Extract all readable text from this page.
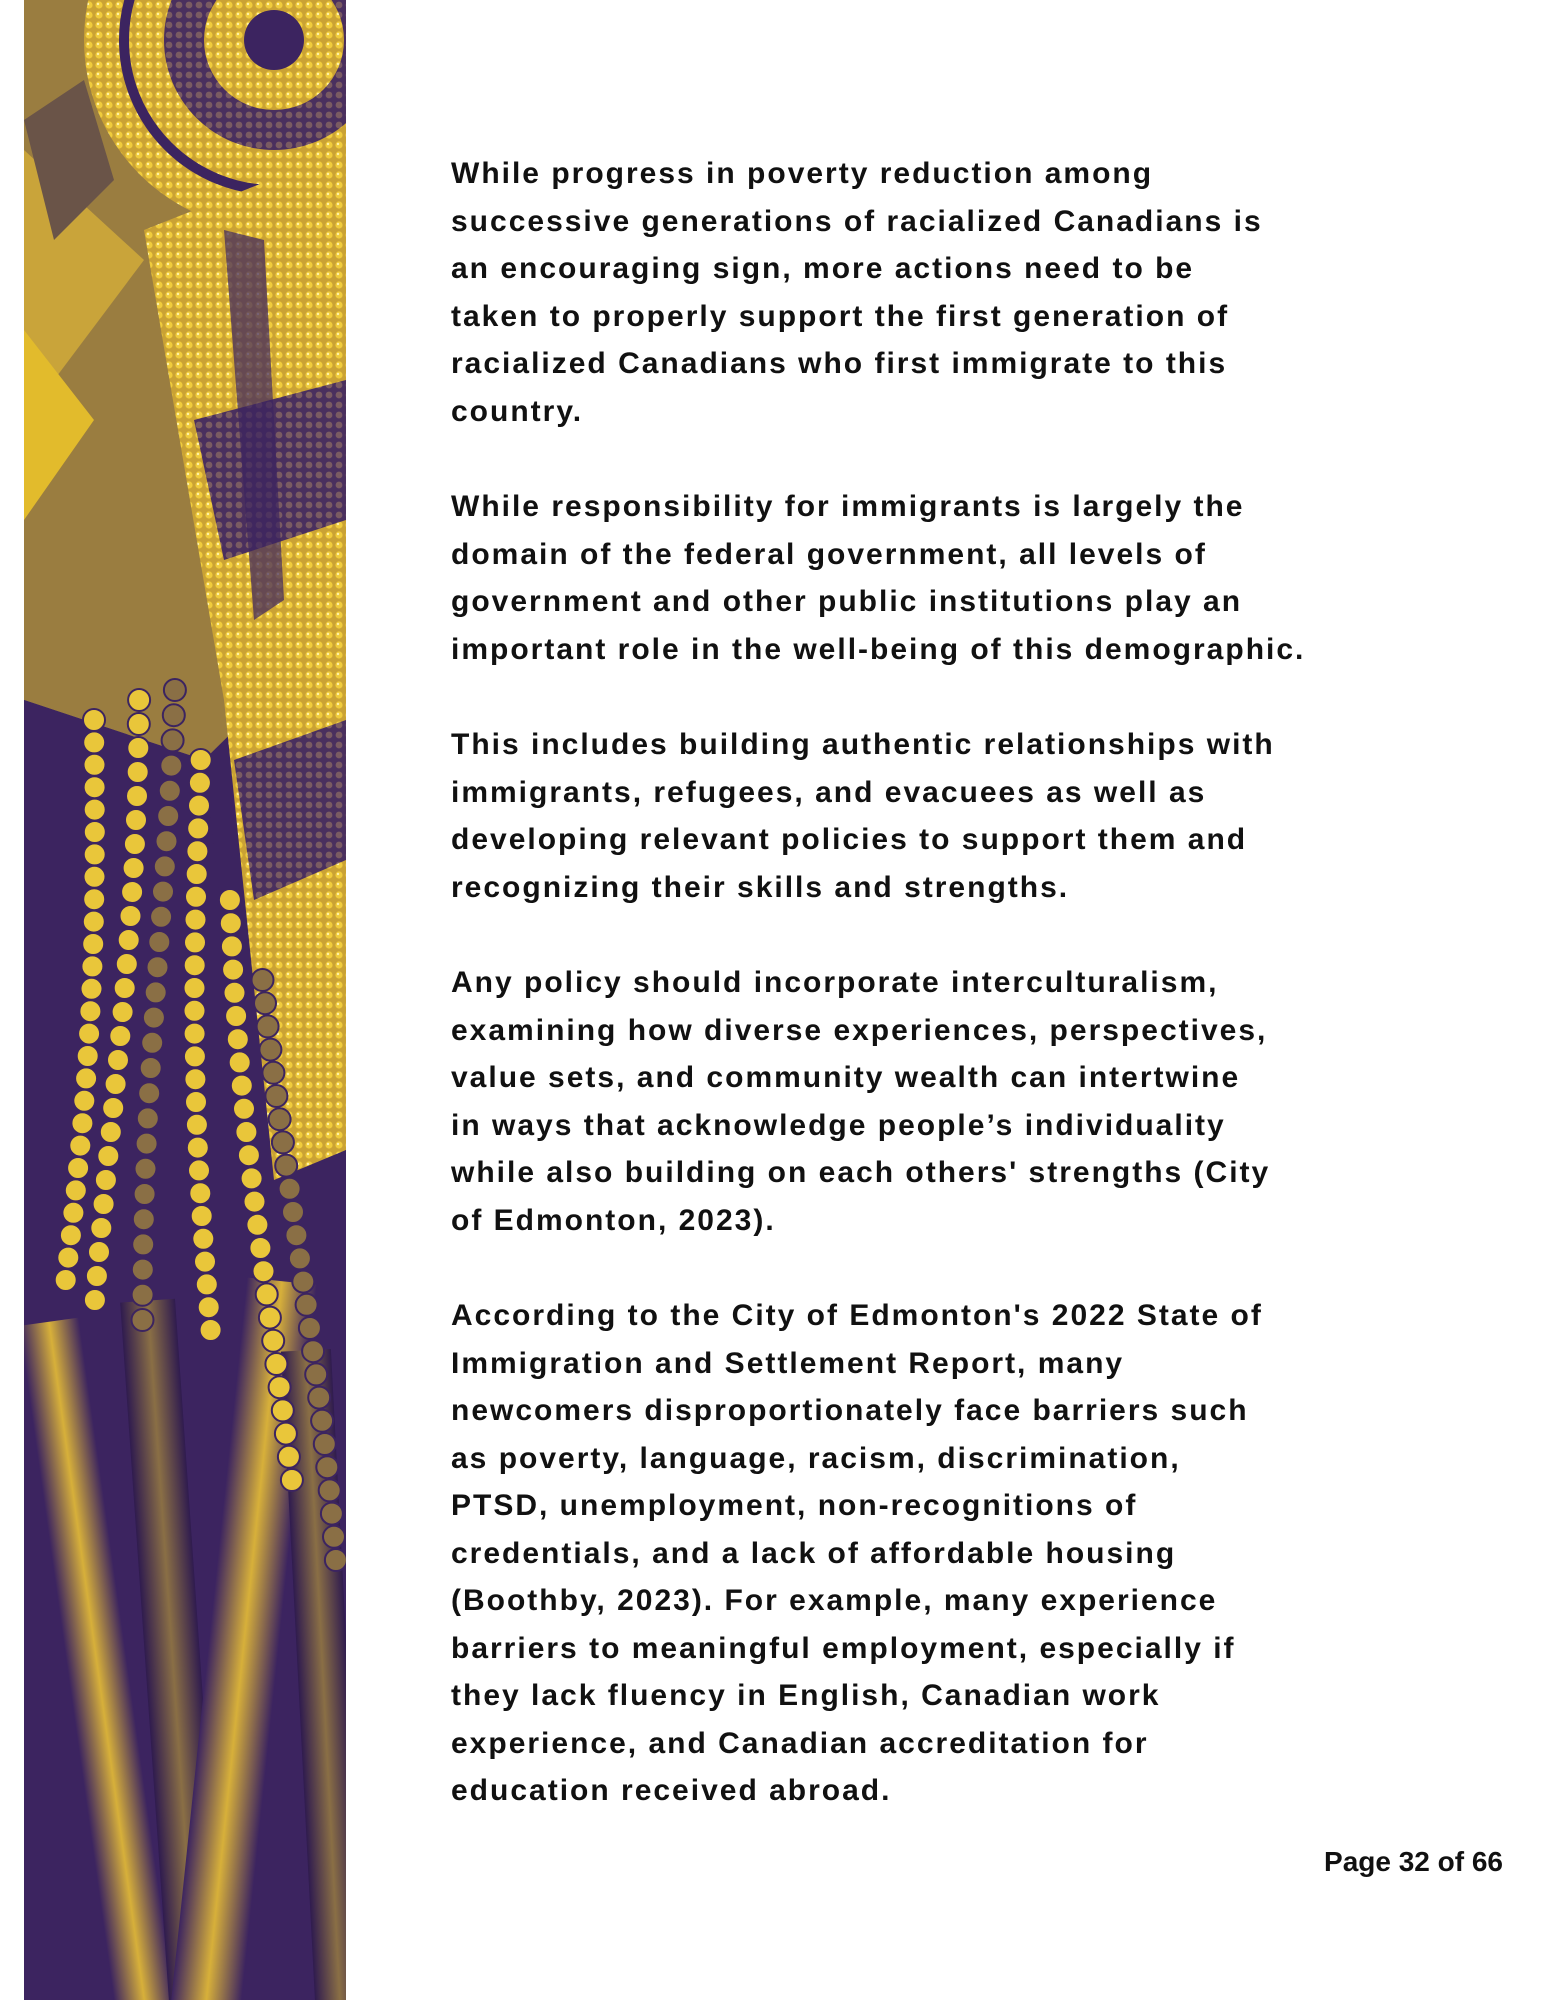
While progress in poverty reduction among
successive generations of racialized Canadians is
an encouraging sign, more actions need to be
taken to properly support the first generation of
racialized Canadians who first immigrate to this
country.

While responsibility for immigrants is largely the
domain of the federal government, all levels of
government and other public institutions play an
important role in the well-being of this demographic.

This includes building authentic relationships with
immigrants, refugees, and evacuees as well as
developing relevant policies to support them and
recognizing their skills and strengths.

Any policy should incorporate interculturalism,
examining how diverse experiences, perspectives,
value sets, and community wealth can intertwine
in ways that acknowledge people’s individuality
while also building on each others' strengths (City
of Edmonton, 2023).

According to the City of Edmonton's 2022 State of
Immigration and Settlement Report, many
newcomers disproportionately face barriers such
as poverty, language, racism, discrimination,
PTSD, unemployment, non-recognitions of
credentials, and a lack of affordable housing
(Boothby, 2023). For example, many experience
barriers to meaningful employment, especially if
they lack fluency in English, Canadian work
experience, and Canadian accreditation for
education received abroad.

Page 32 of 66
